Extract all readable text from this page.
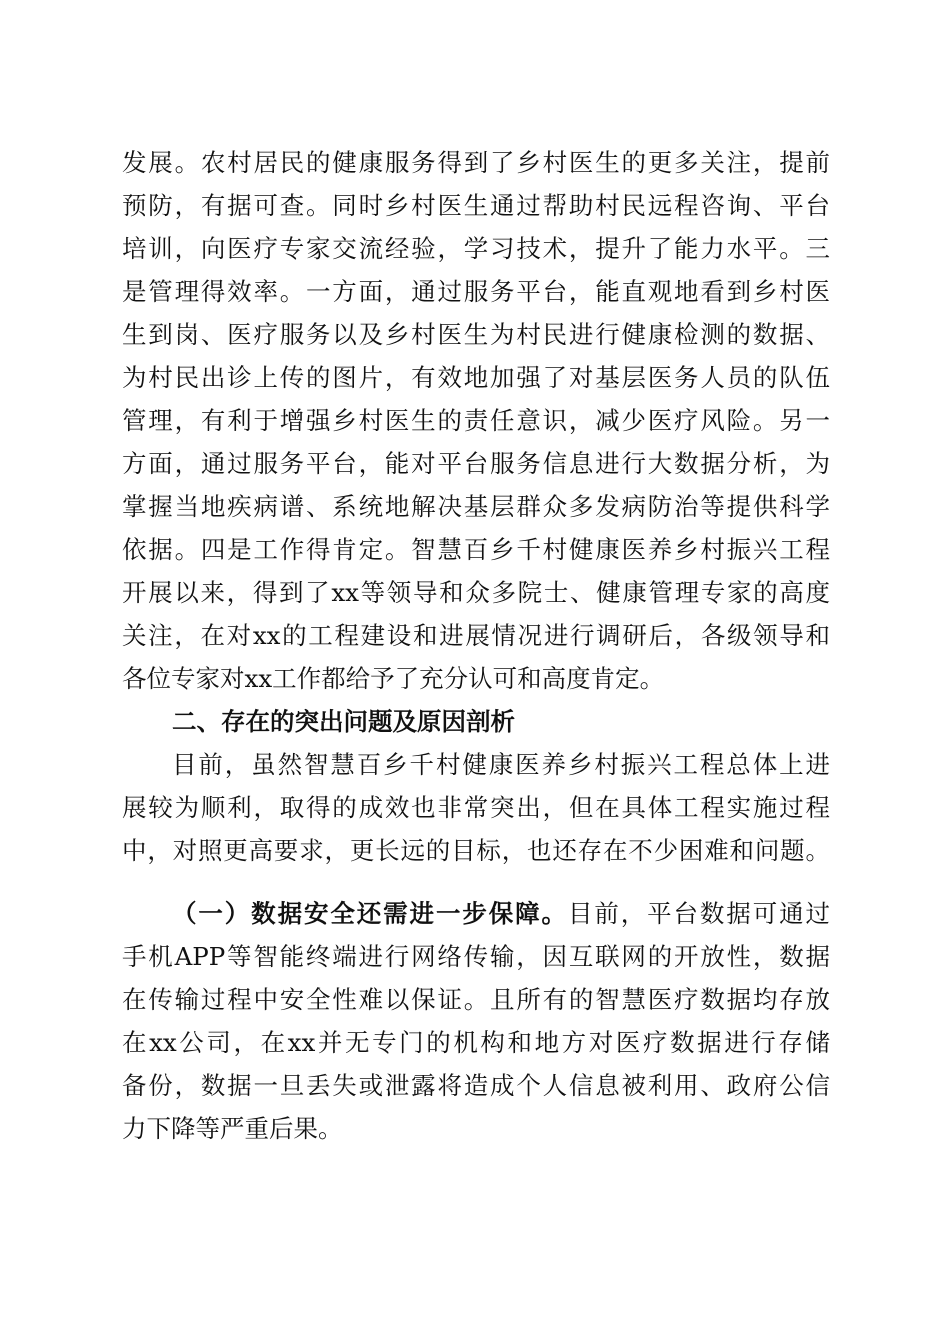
发展。农村居民的健康服务得到了乡村医生的更多关注，提前
预防，有据可查。同时乡村医生通过帮助村民远程咨询、平台
培训，向医疗专家交流经验，学习技术，提升了能力水平。三
是管理得效率。一方面，通过服务平台，能直观地看到乡村医
生到岗、医疗服务以及乡村医生为村民进行健康检测的数据、
为村民出诊上传的图片，有效地加强了对基层医务人员的队伍
管理，有利于增强乡村医生的责任意识，减少医疗风险。另一
方面，通过服务平台，能对平台服务信息进行大数据分析，为
掌握当地疾病谱、系统地解决基层群众多发病防治等提供科学
依据。四是工作得肯定。智慧百乡千村健康医养乡村振兴工程
开展以来，得到了xx等领导和众多院士、健康管理专家的高度
关注，在对xx的工程建设和进展情况进行调研后，各级领导和
各位专家对xx工作都给予了充分认可和高度肯定。
二、存在的突出问题及原因剖析
目前，虽然智慧百乡千村健康医养乡村振兴工程总体上进
展较为顺利，取得的成效也非常突出，但在具体工程实施过程
中，对照更高要求，更长远的目标，也还存在不少困难和问题。
（一）数据安全还需进一步保障。目前，平台数据可通过
手机APP等智能终端进行网络传输，因互联网的开放性，数据
在传输过程中安全性难以保证。且所有的智慧医疗数据均存放
在xx公司，在xx并无专门的机构和地方对医疗数据进行存储
备份，数据一旦丢失或泄露将造成个人信息被利用、政府公信
力下降等严重后果。
